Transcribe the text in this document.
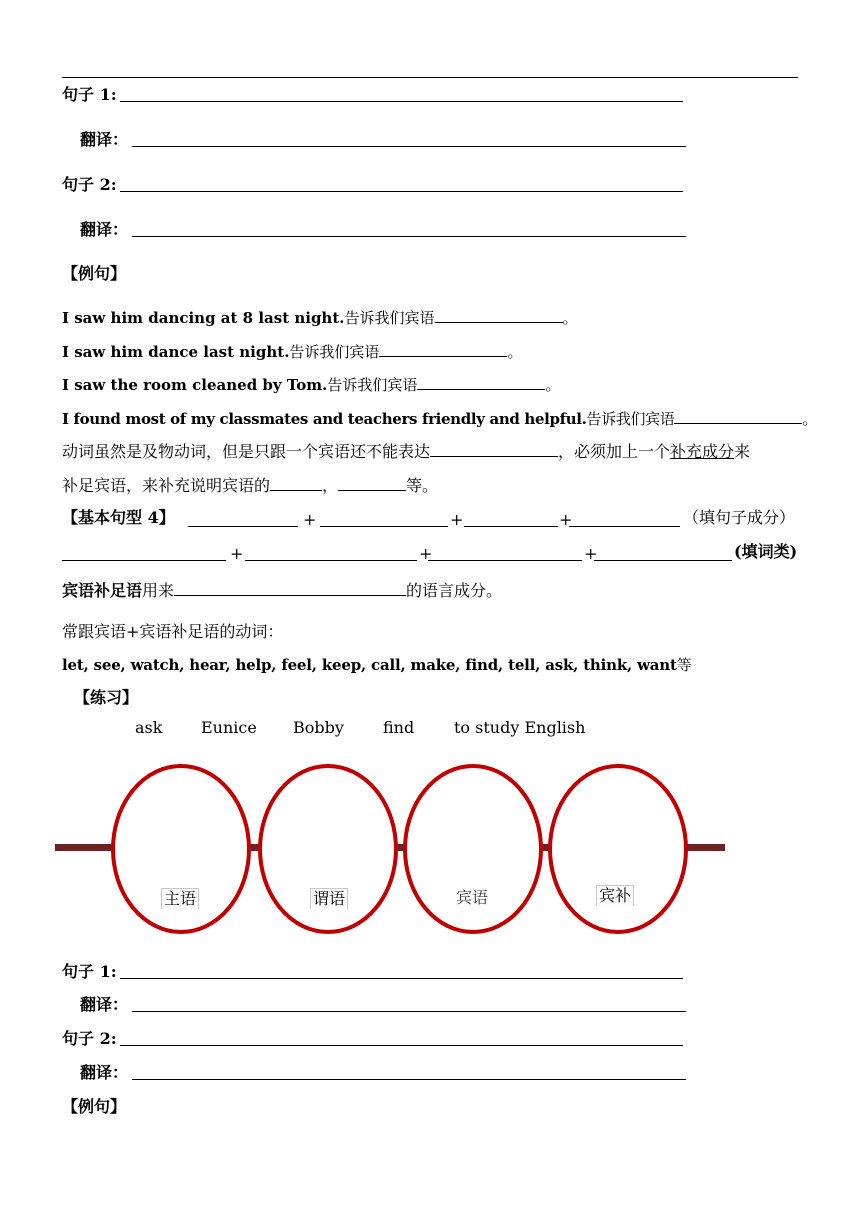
句子 1:
翻译：
句子 2:
翻译：
【例句】
I saw him dancing at 8 last night.告诉我们宾语	。
I saw him dance last night.告诉我们宾语	。
I saw the room cleaned by Tom.告诉我们宾语	。
I found most of my classmates and teachers friendly and helpful.告诉我们宾语	。
动词虽然是及物动词，但是只跟一个宾语还不能表达	，必须加上一个补充成分来
补足宾语，来补充说明宾语的	，	等。
【基本句型 4】	+	+	+	（填句子成分）
+	+	+	(填词类)
宾语补足语用来	的语言成分。
常跟宾语+宾语补足语的动词：
let, see, watch, hear, help, feel, keep, call, make, find, tell, ask, think, want等
【练习】
ask Eunice Bobby find to study English
主语	谓语	宾语	宾补
句子 1:
翻译：
句子 2:
翻译：
【例句】
